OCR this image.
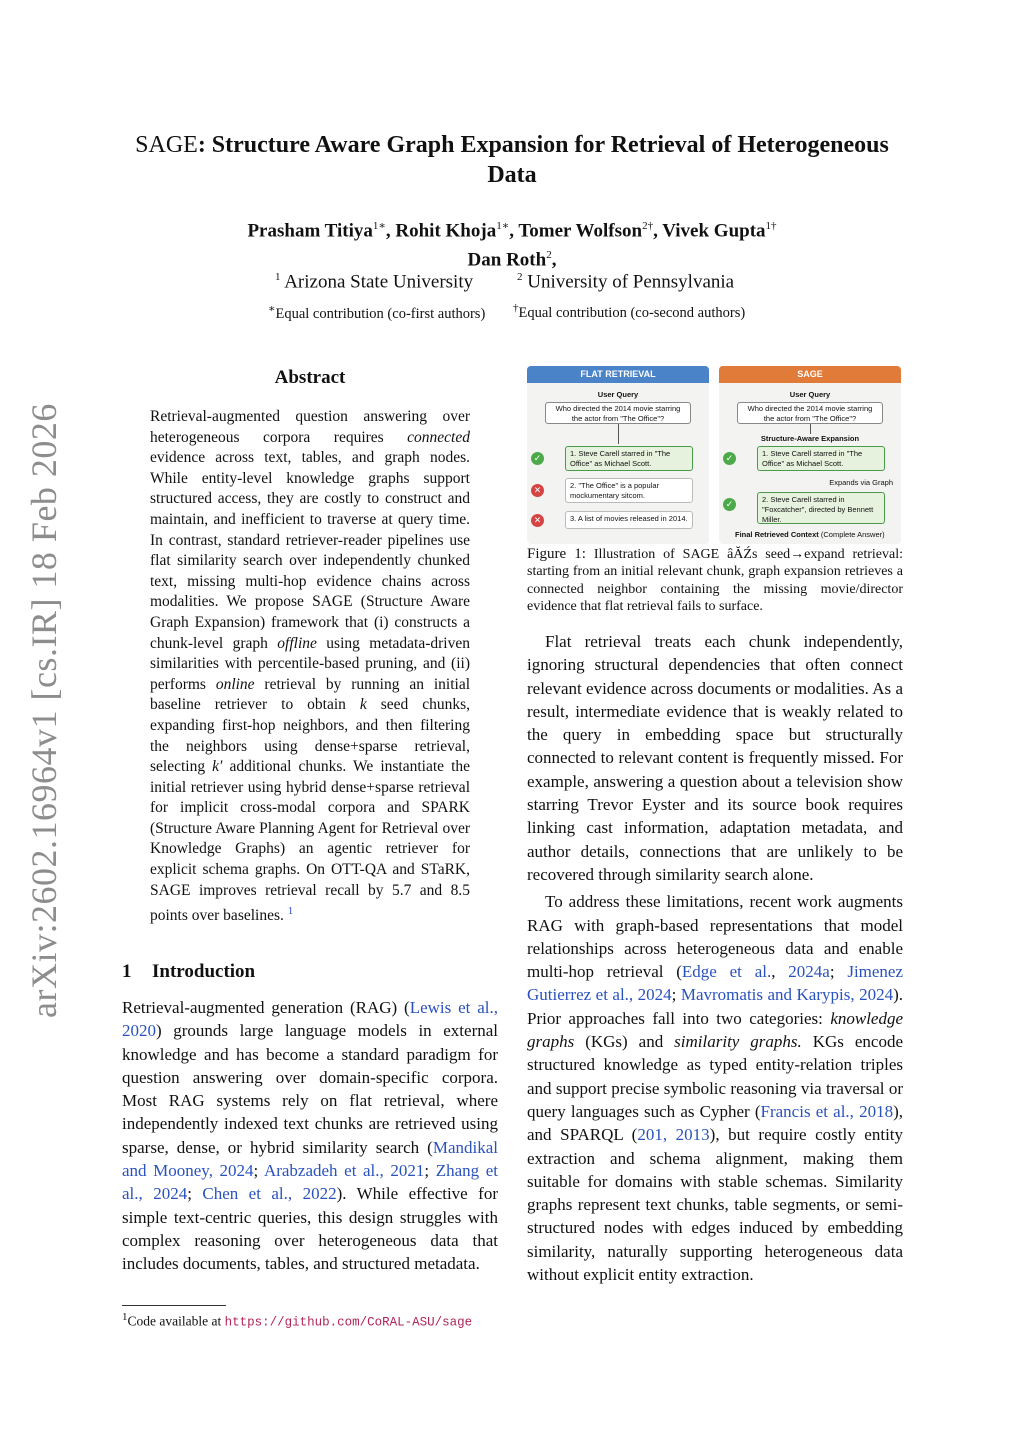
arXiv:2602.16964v1 [cs.IR] 18 Feb 2026
SAGE: Structure Aware Graph Expansion for Retrieval of Heterogeneous Data
Prasham Titiya$^{1∗}$, Rohit Khoja$^{1∗}$, Tomer Wolfson$^{2\dagger}$, Vivek Gupta$^{1\dagger}$
Dan Roth$^2$,
$^1$ Arizona State University	$^2$ University of Pennsylvania
∗Equal contribution (co-first authors)	†Equal contribution (co-second authors)
Abstract

Retrieval-augmented question answering over heterogeneous corpora requires connected evidence across text, tables, and graph nodes. While entity-level knowledge graphs support structured access, they are costly to construct and maintain, and inefficient to traverse at query time. In contrast, standard retriever-reader pipelines use flat similarity search over independently chunked text, missing multi-hop evidence chains across modalities. We propose SAGE (Structure Aware Graph Expansion) framework that (i) constructs a chunk-level graph offline using metadata-driven similarities with percentile-based pruning, and (ii) performs online retrieval by running an initial baseline retriever to obtain k seed chunks, expanding first-hop neighbors, and then filtering the neighbors using dense+sparse retrieval, selecting k′ additional chunks. We instantiate the initial retriever using hybrid dense+sparse retrieval for implicit cross-modal corpora and SPARK (Structure Aware Planning Agent for Retrieval over Knowledge Graphs) an agentic retriever for explicit schema graphs. On OTT-QA and STaRK, SAGE improves retrieval recall by 5.7 and 8.5 points over baselines. $^1$

1 Introduction

Retrieval-augmented generation (RAG) (Lewis et al., 2020) grounds large language models in external knowledge and has become a standard paradigm for question answering over domain-specific corpora. Most RAG systems rely on flat retrieval, where independently indexed text chunks are retrieved using sparse, dense, or hybrid similarity search (Mandikal and Mooney, 2024; Arabzadeh et al., 2021; Zhang et al., 2024; Chen et al., 2022). While effective for simple text-centric queries, this design struggles with complex reasoning over heterogeneous data that includes documents, tables, and structured metadata.

$^1$Code available at https://github.com/CoRAL-ASU/sage
FLAT RETRIEVAL
User Query
Who directed the 2014 movie starring
the actor from "The Office"?
✓	1. Steve Carell starred in "The Office" as Michael Scott.
✕	2. "The Office" is a popular mockumentary sitcom.
✕	3. A list of movies released in 2014.
SAGE
User Query
Who directed the 2014 movie starring
the actor from "The Office"?
Structure-Aware Expansion
✓	1. Steve Carell starred in "The Office" as Michael Scott.
Expands via Graph
✓	2. Steve Carell starred in "Foxcatcher", directed by Bennett Miller.
Final Retrieved Context (Complete Answer)
Figure 1: Illustration of SAGE âĂŹs seed→expand retrieval: starting from an initial relevant chunk, graph expansion retrieves a connected neighbor containing the missing movie/director evidence that flat retrieval fails to surface.

Flat retrieval treats each chunk independently, ignoring structural dependencies that often connect relevant evidence across documents or modalities. As a result, intermediate evidence that is weakly related to the query in embedding space but structurally connected to relevant content is frequently missed. For example, answering a question about a television show starring Trevor Eyster and its source book requires linking cast information, adaptation metadata, and author details, connections that are unlikely to be recovered through similarity search alone.

To address these limitations, recent work augments RAG with graph-based representations that model relationships across heterogeneous data and enable multi-hop retrieval (Edge et al., 2024a; Jimenez Gutierrez et al., 2024; Mavromatis and Karypis, 2024). Prior approaches fall into two categories: knowledge graphs (KGs) and similarity graphs. KGs encode structured knowledge as typed entity-relation triples and support precise symbolic reasoning via traversal or query languages such as Cypher (Francis et al., 2018), and SPARQL (201, 2013), but require costly entity extraction and schema alignment, making them suitable for domains with stable schemas. Similarity graphs represent text chunks, table segments, or semi-structured nodes with edges induced by embedding similarity, naturally supporting heterogeneous data without explicit entity extraction.
